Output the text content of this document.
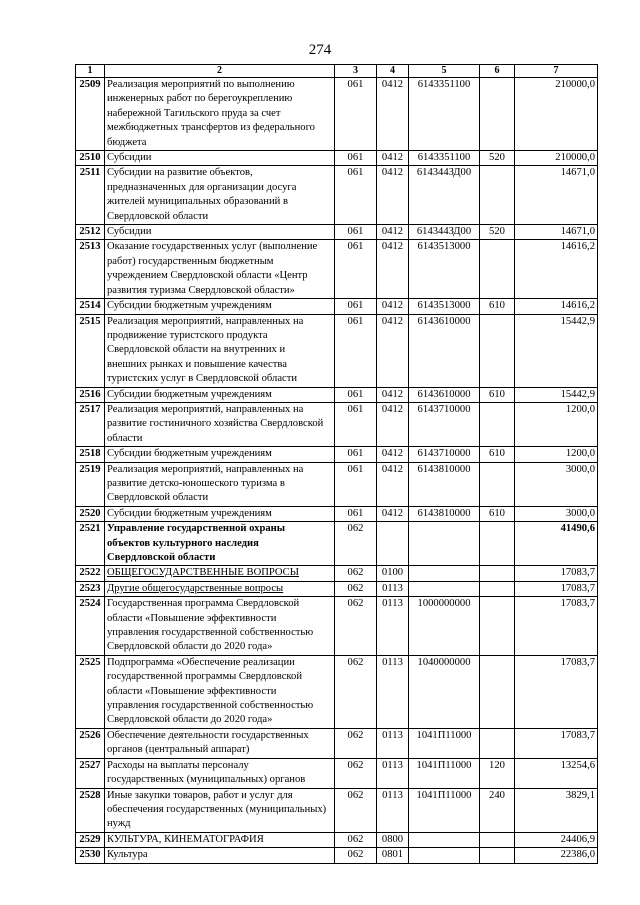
274
1	2	3	4	5	6	7
2509	Реализация мероприятий по выполнению
инженерных работ по берегоукреплению
набережной Тагильского пруда за счет
межбюджетных трансфертов из федерального
бюджета	061	0412	6143351100		210000,0
2510	Субсидии	061	0412	6143351100	520	210000,0
2511	Субсидии на развитие объектов,
предназначенных для организации досуга
жителей муниципальных образований в
Свердловской области	061	0412	614344ЗД00		14671,0
2512	Субсидии	061	0412	614344ЗД00	520	14671,0
2513	Оказание государственных услуг (выполнение
работ) государственным бюджетным
учреждением Свердловской области «Центр
развития туризма Свердловской области»	061	0412	6143513000		14616,2
2514	Субсидии бюджетным учреждениям	061	0412	6143513000	610	14616,2
2515	Реализация мероприятий, направленных на
продвижение туристского продукта
Свердловской области на внутренних и
внешних рынках и повышение качества
туристских услуг в Свердловской области	061	0412	6143610000		15442,9
2516	Субсидии бюджетным учреждениям	061	0412	6143610000	610	15442,9
2517	Реализация мероприятий, направленных на
развитие гостиничного хозяйства Свердловской
области	061	0412	6143710000		1200,0
2518	Субсидии бюджетным учреждениям	061	0412	6143710000	610	1200,0
2519	Реализация мероприятий, направленных на
развитие детско-юношеского туризма в
Свердловской области	061	0412	6143810000		3000,0
2520	Субсидии бюджетным учреждениям	061	0412	6143810000	610	3000,0
2521	Управление государственной охраны
объектов культурного наследия
Свердловской области	062				41490,6
2522	ОБЩЕГОСУДАРСТВЕННЫЕ ВОПРОСЫ	062	0100			17083,7
2523	Другие общегосударственные вопросы	062	0113			17083,7
2524	Государственная программа Свердловской
области «Повышение эффективности
управления государственной собственностью
Свердловской области до 2020 года»	062	0113	1000000000		17083,7
2525	Подпрограмма «Обеспечение реализации
государственной программы Свердловской
области «Повышение эффективности
управления государственной собственностью
Свердловской области до 2020 года»	062	0113	1040000000		17083,7
2526	Обеспечение деятельности государственных
органов (центральный аппарат)	062	0113	1041П11000		17083,7
2527	Расходы на выплаты персоналу
государственных (муниципальных) органов	062	0113	1041П11000	120	13254,6
2528	Иные закупки товаров, работ и услуг для
обеспечения государственных (муниципальных)
нужд	062	0113	1041П11000	240	3829,1
2529	КУЛЬТУРА, КИНЕМАТОГРАФИЯ	062	0800			24406,9
2530	Культура	062	0801			22386,0
